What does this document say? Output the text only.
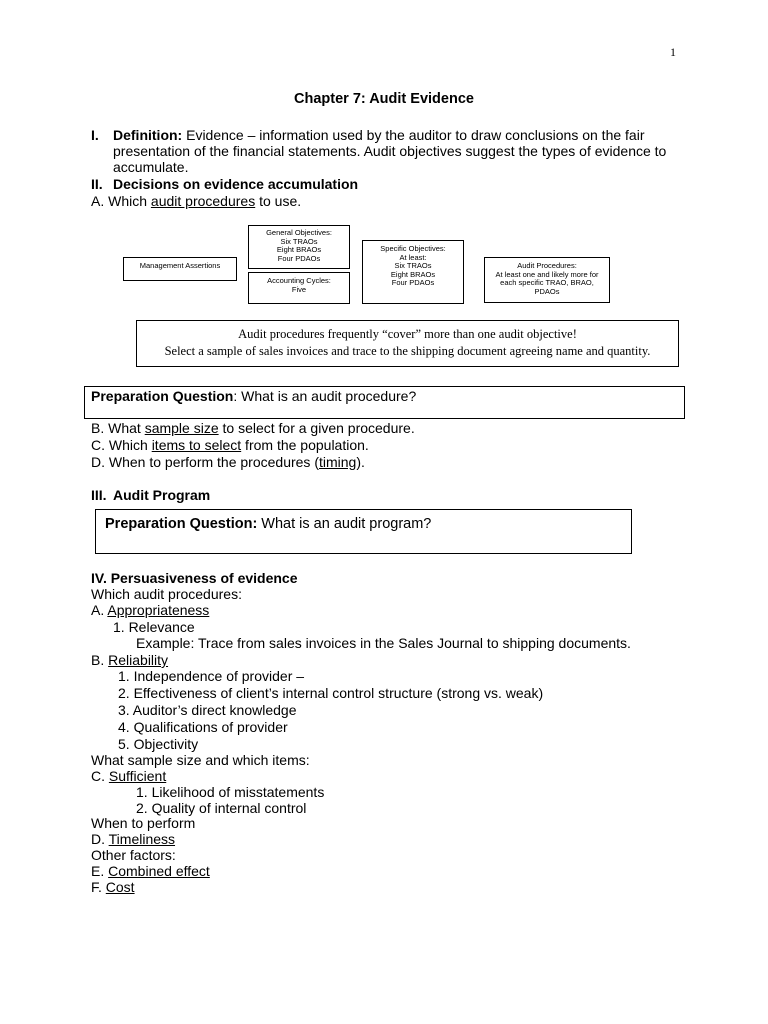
1
Chapter 7: Audit Evidence
I. Definition: Evidence – information used by the auditor to draw conclusions on the fair
presentation of the financial statements. Audit objectives suggest the types of evidence to
accumulate.
II. Decisions on evidence accumulation
A. Which audit procedures to use.
Management Assertions
General Objectives:
Six TRAOs
Eight BRAOs
Four PDAOs
Accounting Cycles:
Five
Specific Objectives:
At least:
Six TRAOs
Eight BRAOs
Four PDAOs
Audit Procedures:
At least one and likely more for
each specific TRAO, BRAO,
PDAOs
Audit procedures frequently “cover” more than one audit objective!
Select a sample of sales invoices and trace to the shipping document agreeing name and quantity.
Preparation Question: What is an audit procedure?
B. What sample size to select for a given procedure.
C. Which items to select from the population.
D. When to perform the procedures (timing).
III. Audit Program
Preparation Question: What is an audit program?
IV. Persuasiveness of evidence
Which audit procedures:
A. Appropriateness
1. Relevance
Example: Trace from sales invoices in the Sales Journal to shipping documents.
B. Reliability
1. Independence of provider –
2. Effectiveness of client’s internal control structure (strong vs. weak)
3. Auditor’s direct knowledge
4. Qualifications of provider
5. Objectivity
What sample size and which items:
C. Sufficient
1. Likelihood of misstatements
2. Quality of internal control
When to perform
D. Timeliness
Other factors:
E. Combined effect
F. Cost
